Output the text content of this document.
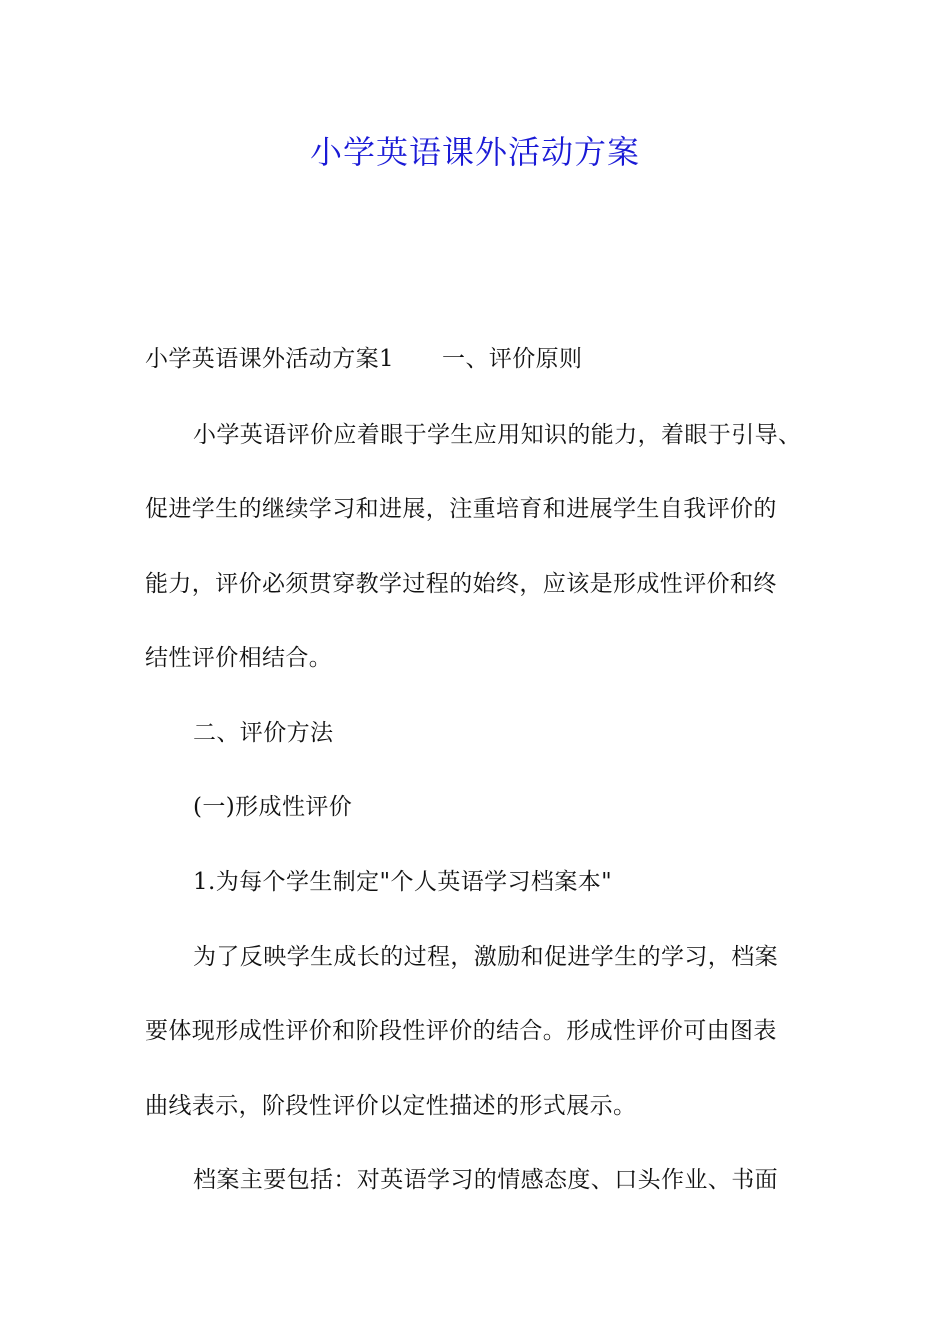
小学英语课外活动方案
小学英语课外活动方案1 一、评价原则
小学英语评价应着眼于学生应用知识的能力，着眼于引导、
促进学生的继续学习和进展，注重培育和进展学生自我评价的
能力，评价必须贯穿教学过程的始终，应该是形成性评价和终
结性评价相结合。
二、评价方法
(一)形成性评价
1.为每个学生制定"个人英语学习档案本"
为了反映学生成长的过程，激励和促进学生的学习，档案
要体现形成性评价和阶段性评价的结合。形成性评价可由图表
曲线表示，阶段性评价以定性描述的形式展示。
档案主要包括：对英语学习的情感态度、口头作业、书面
